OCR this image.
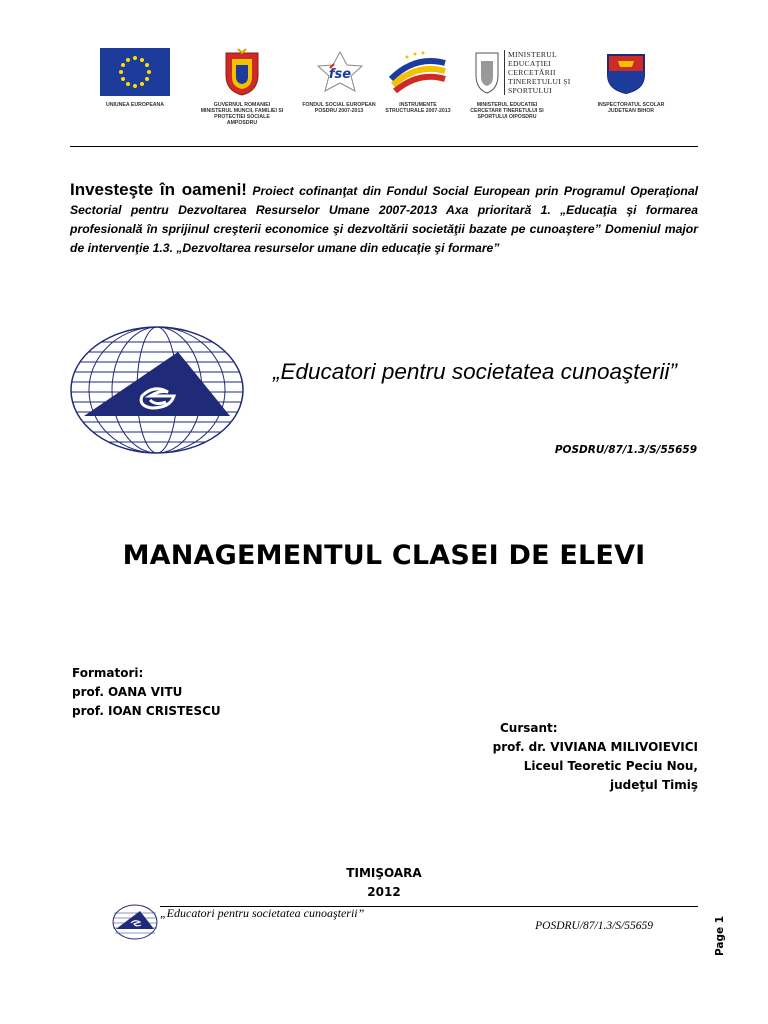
UNIUNEA EUROPEANA	GUVERNUL ROMANIEI MINISTERUL MUNCII, FAMILIEI SI PROTECTIEI SOCIALE AMPOSDRU
fse
FONDUL SOCIAL EUROPEAN POSDRU 2007-2013
INSTRUMENTE STRUCTURALE 2007-2013
MINISTERUL EDUCAȚIEI CERCETĂRII TINERETULUI ȘI SPORTULUI
MINISTERUL EDUCATIEI CERCETARII TINERETULUI SI SPORTULUI OIPOSDRU
INSPECTORATUL SCOLAR JUDETEAN BIHOR
Investeşte în oameni! Proiect cofinanţat din Fondul Social European prin Programul Operaţional Sectorial pentru Dezvoltarea Resurselor Umane 2007-2013 Axa prioritară 1. „Educaţia şi formarea profesională în sprijinul creşterii economice şi dezvoltării societăţii bazate pe cunoaştere” Domeniul major de intervenţie 1.3. „Dezvoltarea resurselor umane din educaţie şi formare”
„Educatori pentru societatea cunoaşterii”
POSDRU/87/1.3/S/55659
MANAGEMENTUL CLASEI DE ELEVI
Formatori:
prof. OANA VITU
prof. IOAN CRISTESCU
Cursant:
prof. dr. VIVIANA MILIVOIEVICI
Liceul Teoretic Peciu Nou,
judeţul Timiş
TIMIŞOARA
2012
„Educatori pentru societatea cunoaşterii”
POSDRU/87/1.3/S/55659	Page 1
